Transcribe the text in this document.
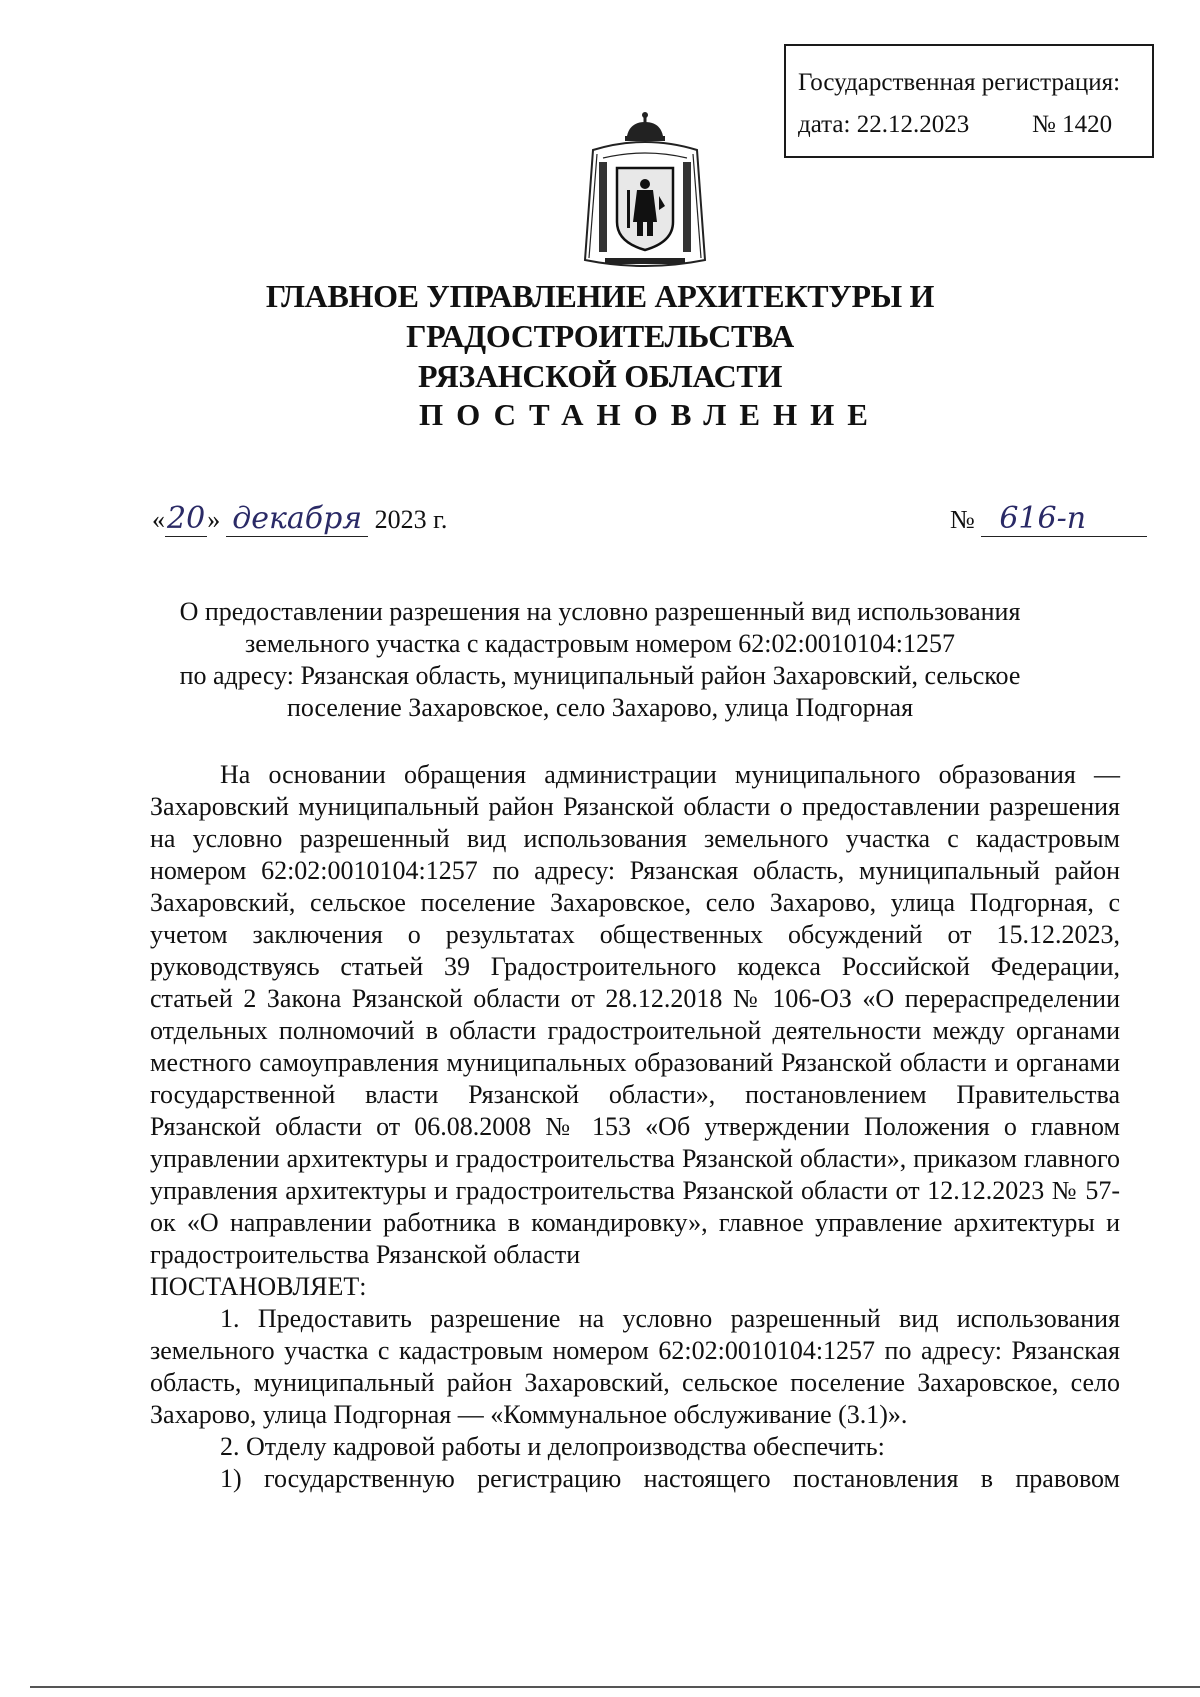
Государственная регистрация:
дата: 22.12.2023	№ 1420
ГЛАВНОЕ УПРАВЛЕНИЕ АРХИТЕКТУРЫ И ГРАДОСТРОИТЕЛЬСТВА
РЯЗАНСКОЙ ОБЛАСТИ
ПОСТАНОВЛЕНИЕ
«20» декабря 2023 г.	№ 616-п
О предоставлении разрешения на условно разрешенный вид использования
земельного участка с кадастровым номером 62:02:0010104:1257
по адресу: Рязанская область, муниципальный район Захаровский, сельское
поселение Захаровское, село Захарово, улица Подгорная

На основании обращения администрации муниципального образования — Захаровский муниципальный район Рязанской области о предоставлении разрешения на условно разрешенный вид использования земельного участка с кадастровым номером 62:02:0010104:1257 по адресу: Рязанская область, муниципальный район Захаровский, сельское поселение Захаровское, село Захарово, улица Подгорная, с учетом заключения о результатах общественных обсуждений от 15.12.2023, руководствуясь статьей 39 Градостроительного кодекса Российской Федерации, статьей 2 Закона Рязанской области от 28.12.2018 № 106-ОЗ «О перераспределении отдельных полномочий в области градостроительной деятельности между органами местного самоуправления муниципальных образований Рязанской области и органами государственной власти Рязанской области», постановлением Правительства Рязанской области от 06.08.2008 № 153 «Об утверждении Положения о главном управлении архитектуры и градостроительства Рязанской области», приказом главного управления архитектуры и градостроительства Рязанской области от 12.12.2023 № 57-ок «О направлении работника в командировку», главное управление архитектуры и градостроительства Рязанской области

ПОСТАНОВЛЯЕТ:

1. Предоставить разрешение на условно разрешенный вид использования земельного участка с кадастровым номером 62:02:0010104:1257 по адресу: Рязанская область, муниципальный район Захаровский, сельское поселение Захаровское, село Захарово, улица Подгорная — «Коммунальное обслуживание (3.1)».

2. Отделу кадровой работы и делопроизводства обеспечить:

1) государственную регистрацию настоящего постановления в правовом
